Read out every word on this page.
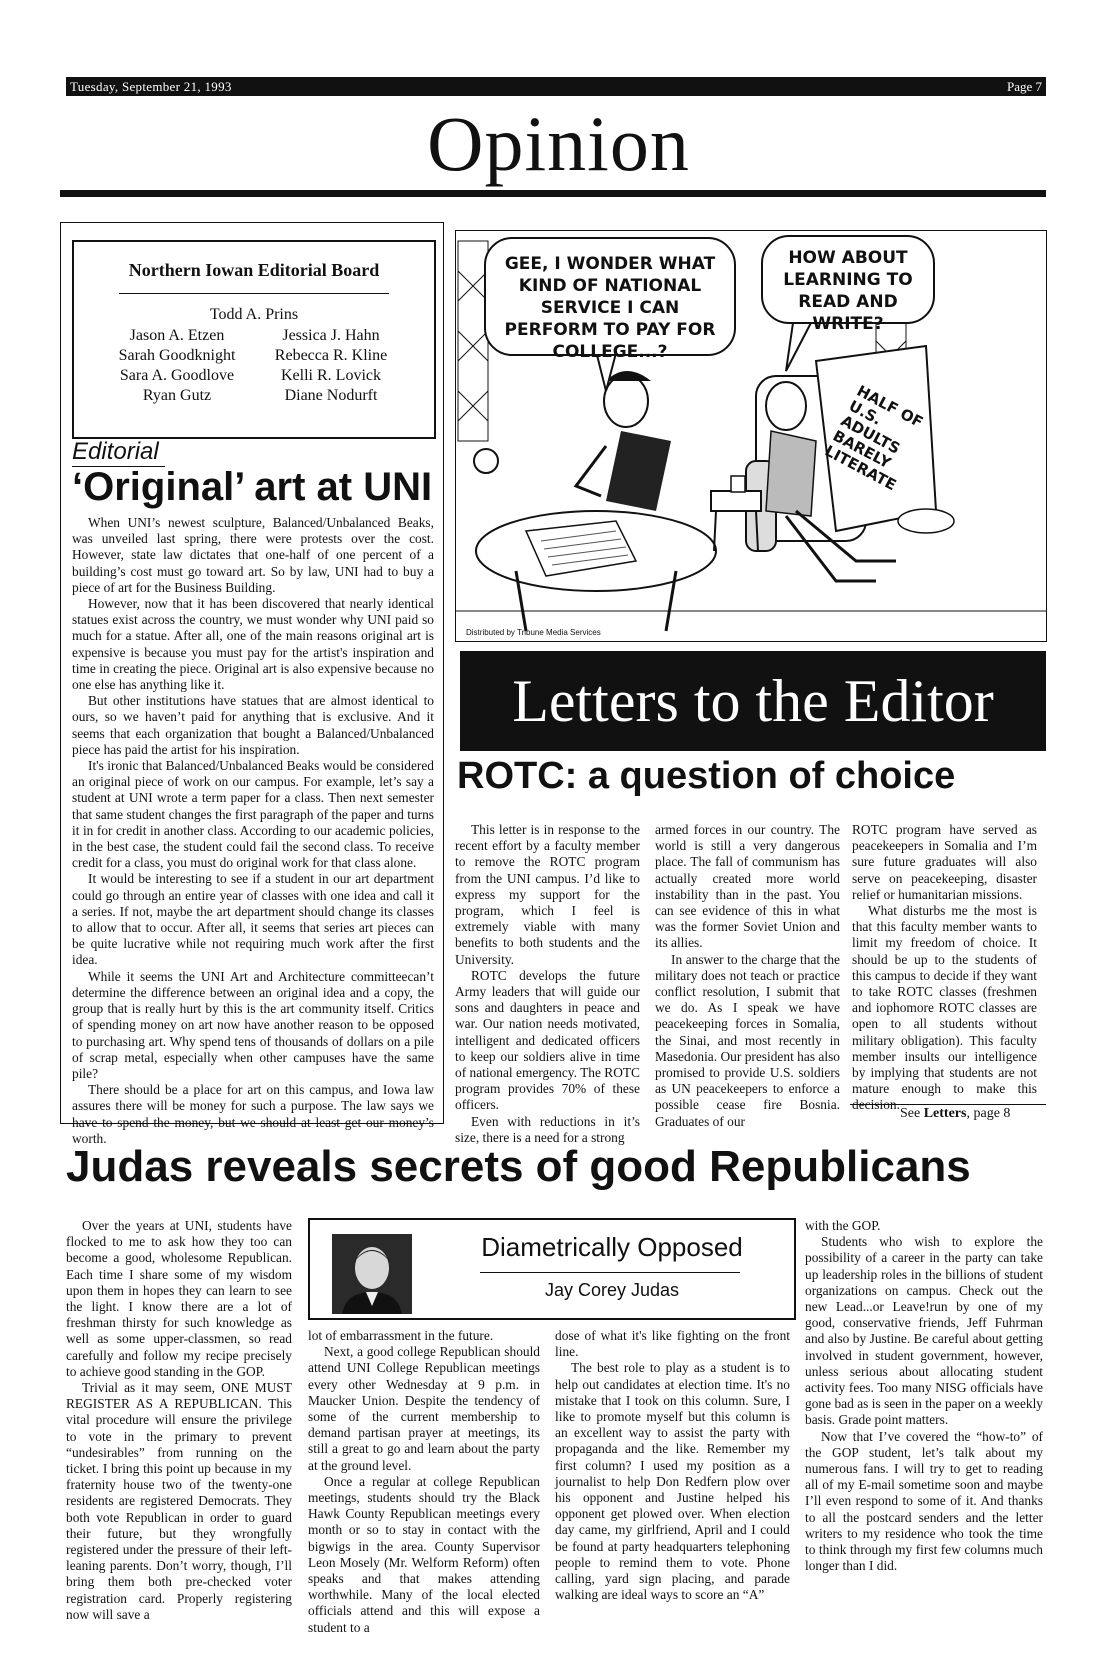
Tuesday, September 21, 1993	Page 7
Opinion
Northern Iowan Editorial Board
Todd A. Prins
Jason A. Etzen
Sarah Goodknight
Sara A. Goodlove
Ryan Gutz
Jessica J. Hahn
Rebecca R. Kline
Kelli R. Lovick
Diane Nodurft
Editorial
‘Original’ art at UNI

When UNI’s newest sculpture, Balanced/Unbalanced Beaks, was unveiled last spring, there were protests over the cost. However, state law dictates that one-half of one percent of a building’s cost must go toward art. So by law, UNI had to buy a piece of art for the Business Building.

However, now that it has been discovered that nearly identical statues exist across the country, we must wonder why UNI paid so much for a statue. After all, one of the main reasons original art is expensive is because you must pay for the artist's inspiration and time in creating the piece. Original art is also expensive because no one else has anything like it.

But other institutions have statues that are almost identical to ours, so we haven’t paid for anything that is exclusive. And it seems that each organization that bought a Balanced/Unbalanced piece has paid the artist for his inspiration.

It's ironic that Balanced/Unbalanced Beaks would be considered an original piece of work on our campus. For example, let’s say a student at UNI wrote a term paper for a class. Then next semester that same student changes the first paragraph of the paper and turns it in for credit in another class. According to our academic policies, in the best case, the student could fail the second class. To receive credit for a class, you must do original work for that class alone.

It would be interesting to see if a student in our art department could go through an entire year of classes with one idea and call it a series. If not, maybe the art department should change its classes to allow that to occur. After all, it seems that series art pieces can be quite lucrative while not requiring much work after the first idea.

While it seems the UNI Art and Architecture committeecan’t determine the difference between an original idea and a copy, the group that is really hurt by this is the art community itself. Critics of spending money on art now have another reason to be opposed to purchasing art. Why spend tens of thousands of dollars on a pile of scrap metal, especially when other campuses have the same pile?

There should be a place for art on this campus, and Iowa law assures there will be money for such a purpose. The law says we have to spend the money, but we should at least get our money’s worth.

GEE, I WONDER WHAT KIND OF NATIONAL SERVICE I CAN PERFORM TO PAY FOR COLLEGE...?
HOW ABOUT LEARNING TO READ AND WRITE?
HALF OF U.S. ADULTS BARELY LITERATE
Distributed by Tribune Media Services
Letters to the Editor
ROTC: a question of choice

This letter is in response to the recent effort by a faculty member to remove the ROTC program from the UNI campus. I’d like to express my support for the program, which I feel is extremely viable with many benefits to both students and the University.

ROTC develops the future Army leaders that will guide our sons and daughters in peace and war. Our nation needs motivated, intelligent and dedicated officers to keep our soldiers alive in time of national emergency. The ROTC program provides 70% of these officers.

Even with reductions in it’s size, there is a need for a strong

armed forces in our country. The world is still a very dangerous place. The fall of communism has actually created more world instability than in the past. You can see evidence of this in what was the former Soviet Union and its allies.

In answer to the charge that the military does not teach or practice conflict resolution, I submit that we do. As I speak we have peacekeeping forces in Somalia, the Sinai, and most recently in Masedonia. Our president has also promised to provide U.S. soldiers as UN peacekeepers to enforce a possible cease fire Bosnia. Graduates of our

ROTC program have served as peacekeepers in Somalia and I’m sure future graduates will also serve on peacekeeping, disaster relief or humanitarian missions.

What disturbs me the most is that this faculty member wants to limit my freedom of choice. It should be up to the students of this campus to decide if they want to take ROTC classes (freshmen and iophomore ROTC classes are open to all students without military obligation). This faculty member insults our intelligence by implying that students are not mature enough to make this

See Letters, page 8
Judas reveals secrets of good Republicans

Over the years at UNI, students have flocked to me to ask how they too can become a good, wholesome Republican. Each time I share some of my wisdom upon them in hopes they can learn to see the light. I know there are a lot of freshman thirsty for such knowledge as well as some upper-classmen, so read carefully and follow my recipe precisely to achieve good standing in the GOP.

Trivial as it may seem, ONE MUST REGISTER AS A REPUBLICAN. This vital procedure will ensure the privilege to vote in the primary to prevent “undesirables” from running on the ticket. I bring this point up because in my fraternity house two of the twenty-one residents are registered Democrats. They both vote Republican in order to guard their future, but they wrongfully registered under the pressure of their left-leaning parents. Don’t worry, though, I’ll bring them both pre-checked voter registration card. Properly registering now will save a

Diametrically Opposed
Jay Corey Judas

lot of embarrassment in the future.

Next, a good college Republican should attend UNI College Republican meetings every other Wednesday at 9 p.m. in Maucker Union. Despite the tendency of some of the current membership to demand partisan prayer at meetings, its still a great to go and learn about the party at the ground level.

Once a regular at college Republican meetings, students should try the Black Hawk County Republican meetings every month or so to stay in contact with the bigwigs in the area. County Supervisor Leon Mosely (Mr. Welform Reform) often speaks and that makes attending worthwhile. Many of the local elected officials attend and this will expose a student to a

dose of what it's like fighting on the front line.

The best role to play as a student is to help out candidates at election time. It's no mistake that I took on this column. Sure, I like to promote myself but this column is an excellent way to assist the party with propaganda and the like. Remember my first column? I used my position as a journalist to help Don Redfern plow over his opponent and Justine helped his opponent get plowed over. When election day came, my girlfriend, April and I could be found at party headquarters telephoning people to remind them to vote. Phone calling, yard sign placing, and parade walking are ideal ways to score an “A”

with the GOP.

Students who wish to explore the possibility of a career in the party can take up leadership roles in the billions of student organizations on campus. Check out the new Lead...or Leave!run by one of my good, conservative friends, Jeff Fuhrman and also by Justine. Be careful about getting involved in student government, however, unless serious about allocating student activity fees. Too many NISG officials have gone bad as is seen in the paper on a weekly basis. Grade point matters.

Now that I’ve covered the “how-to” of the GOP student, let’s talk about my numerous fans. I will try to get to reading all of my E-mail sometime soon and maybe I’ll even respond to some of it. And thanks to all the postcard senders and the letter writers to my residence who took the time to think through my first few columns much longer than I did.
